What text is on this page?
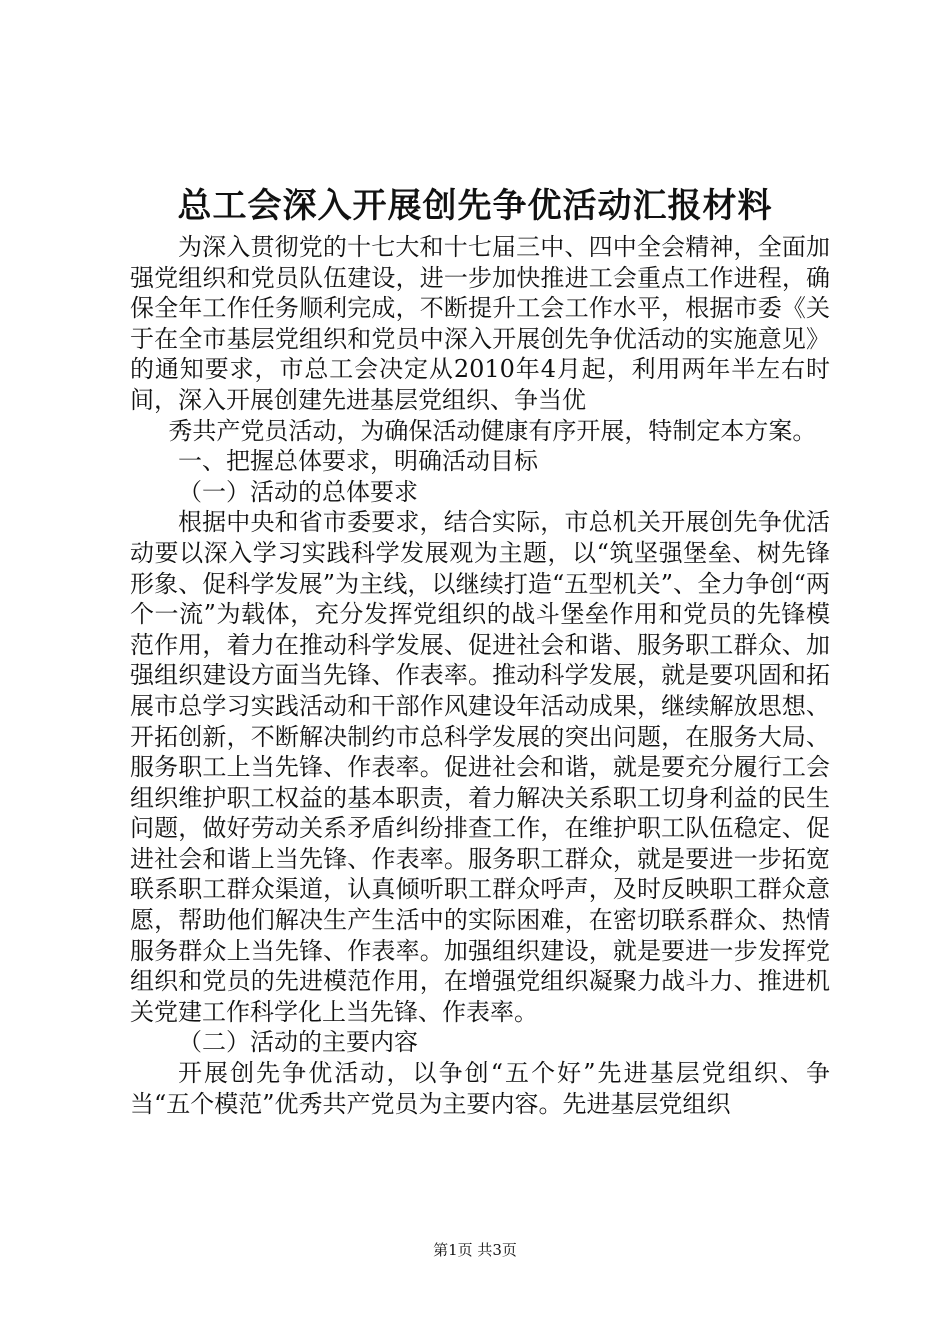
总工会深入开展创先争优活动汇报材料

为深入贯彻党的十七大和十七届三中、四中全会精神，全面加强党组织和党员队伍建设，进一步加快推进工会重点工作进程，确保全年工作任务顺利完成，不断提升工会工作水平，根据市委《关于在全市基层党组织和党员中深入开展创先争优活动的实施意见》的通知要求，市总工会决定从2010年4月起，利用两年半左右时间，深入开展创建先进基层党组织、争当优

秀共产党员活动，为确保活动健康有序开展，特制定本方案。

一、把握总体要求，明确活动目标

（一）活动的总体要求

根据中央和省市委要求，结合实际，市总机关开展创先争优活动要以深入学习实践科学发展观为主题，以“筑坚强堡垒、树先锋形象、促科学发展”为主线，以继续打造“五型机关”、全力争创“两个一流”为载体，充分发挥党组织的战斗堡垒作用和党员的先锋模范作用，着力在推动科学发展、促进社会和谐、服务职工群众、加强组织建设方面当先锋、作表率。推动科学发展，就是要巩固和拓展市总学习实践活动和干部作风建设年活动成果，继续解放思想、开拓创新，不断解决制约市总科学发展的突出问题，在服务大局、服务职工上当先锋、作表率。促进社会和谐，就是要充分履行工会组织维护职工权益的基本职责，着力解决关系职工切身利益的民生问题，做好劳动关系矛盾纠纷排查工作，在维护职工队伍稳定、促进社会和谐上当先锋、作表率。服务职工群众，就是要进一步拓宽联系职工群众渠道，认真倾听职工群众呼声，及时反映职工群众意愿，帮助他们解决生产生活中的实际困难，在密切联系群众、热情服务群众上当先锋、作表率。加强组织建设，就是要进一步发挥党组织和党员的先进模范作用，在增强党组织凝聚力战斗力、推进机关党建工作科学化上当先锋、作表率。

（二）活动的主要内容

开展创先争优活动，以争创“五个好”先进基层党组织、争当“五个模范”优秀共产党员为主要内容。先进基层党组织

第1页 共3页
